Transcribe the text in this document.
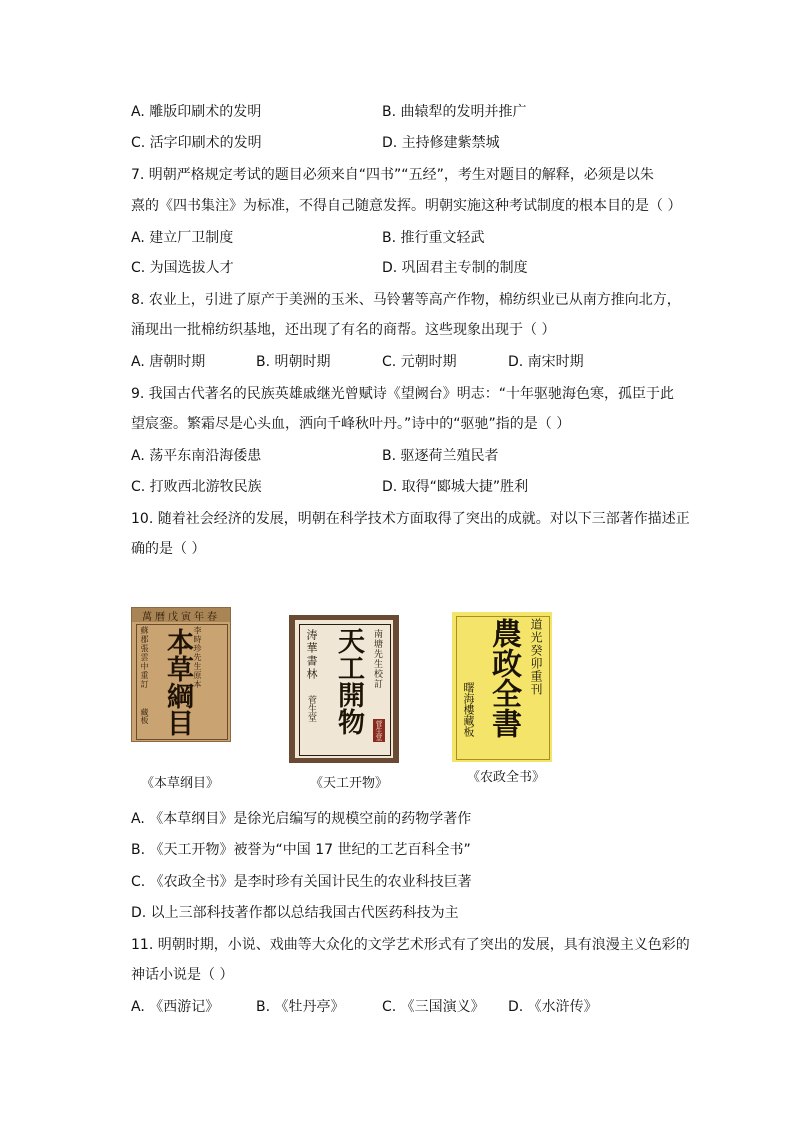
A. 雕版印刷术的发明	B. 曲辕犁的发明并推广
C. 活字印刷术的发明	D. 主持修建紫禁城
7. 明朝严格规定考试的题目必须来自“四书”“五经”，考生对题目的解释，必须是以朱
熹的《四书集注》为标准，不得自己随意发挥。明朝实施这种考试制度的根本目的是（ ）
A. 建立厂卫制度	B. 推行重文轻武
C. 为国选拔人才	D. 巩固君主专制的制度
8. 农业上，引进了原产于美洲的玉米、马铃薯等高产作物，棉纺织业已从南方推向北方，
涌现出一批棉纺织基地，还出现了有名的商帮。这些现象出现于（ ）
A. 唐朝时期	B. 明朝时期	C. 元朝时期	D. 南宋时期
9. 我国古代著名的民族英雄戚继光曾赋诗《望阙台》明志：“十年驱驰海色寒，孤臣于此
望宸銮。繁霜尽是心头血，洒向千峰秋叶丹。”诗中的“驱驰”指的是（ ）
A. 荡平东南沿海倭患	B. 驱逐荷兰殖民者
C. 打败西北游牧民族	D. 取得“郾城大捷”胜利
10. 随着社会经济的发展，明朝在科学技术方面取得了突出的成就。对以下三部著作描述正
确的是（ ）
萬曆戊寅年春
李時珍先生原本
本草綱目
蘇郡張雲中重訂
藏板
《本草纲目》
南塘先生校訂
天工開物
涛華書林
菅生堂
菅生堂
《天工开物》
道光癸卯重刊
農政全書
曙海樓藏板
《农政全书》
A. 《本草纲目》是徐光启编写的规模空前的药物学著作
B. 《天工开物》被誉为“中国 17 世纪的工艺百科全书”
C. 《农政全书》是李时珍有关国计民生的农业科技巨著
D. 以上三部科技著作都以总结我国古代医药科技为主
11. 明朝时期，小说、戏曲等大众化的文学艺术形式有了突出的发展，具有浪漫主义色彩的
神话小说是（ ）
A. 《西游记》	B. 《牡丹亭》	C. 《三国演义》 D. 《水浒传》
